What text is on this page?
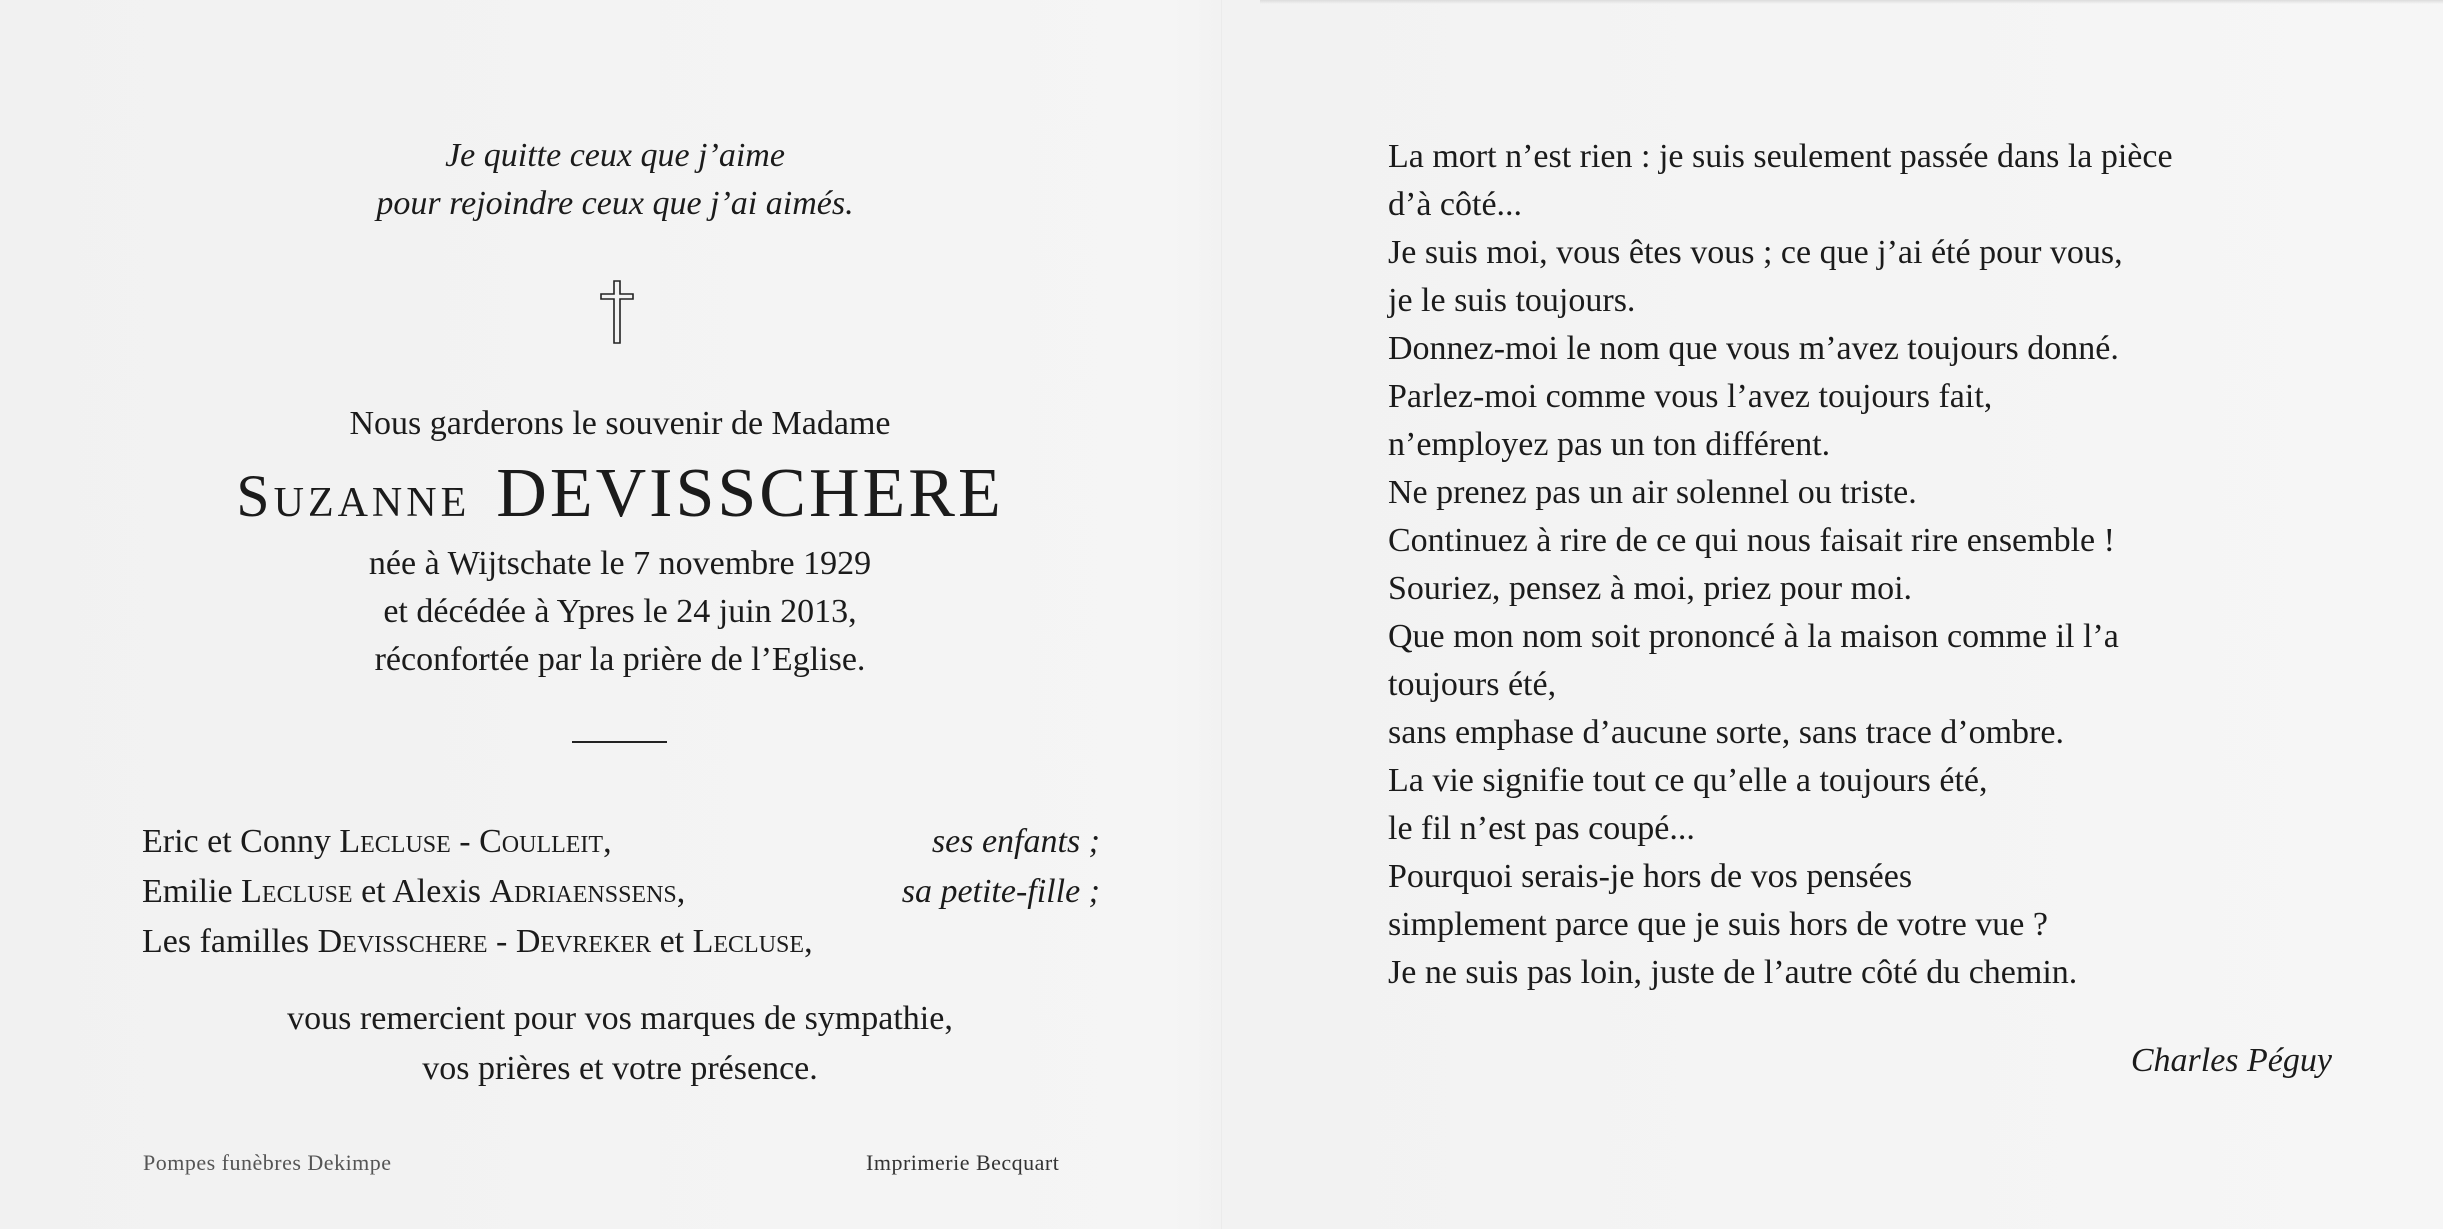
Je quitte ceux que j’aime
pour rejoindre ceux que j’ai aimés.
Nous garderons le souvenir de Madame
Suzanne DEVISSCHERE
née à Wijtschate le 7 novembre 1929
et décédée à Ypres le 24 juin 2013,
réconfortée par la prière de l’Eglise.
Eric et Conny Lecluse - Coulleit,	ses enfants ;
Emilie Lecluse et Alexis Adriaenssens,	sa petite-fille ;
Les familles Devisschere - Devreker et Lecluse,
vous remercient pour vos marques de sympathie,
vos prières et votre présence.
Pompes funèbres Dekimpe	Imprimerie Becquart
La mort n’est rien : je suis seulement passée dans la pièce
d’à côté...
Je suis moi, vous êtes vous ; ce que j’ai été pour vous,
je le suis toujours.
Donnez-moi le nom que vous m’avez toujours donné.
Parlez-moi comme vous l’avez toujours fait,
n’employez pas un ton différent.
Ne prenez pas un air solennel ou triste.
Continuez à rire de ce qui nous faisait rire ensemble !
Souriez, pensez à moi, priez pour moi.
Que mon nom soit prononcé à la maison comme il l’a
toujours été,
sans emphase d’aucune sorte, sans trace d’ombre.
La vie signifie tout ce qu’elle a toujours été,
le fil n’est pas coupé...
Pourquoi serais-je hors de vos pensées
simplement parce que je suis hors de votre vue ?
Je ne suis pas loin, juste de l’autre côté du chemin.
Charles Péguy
